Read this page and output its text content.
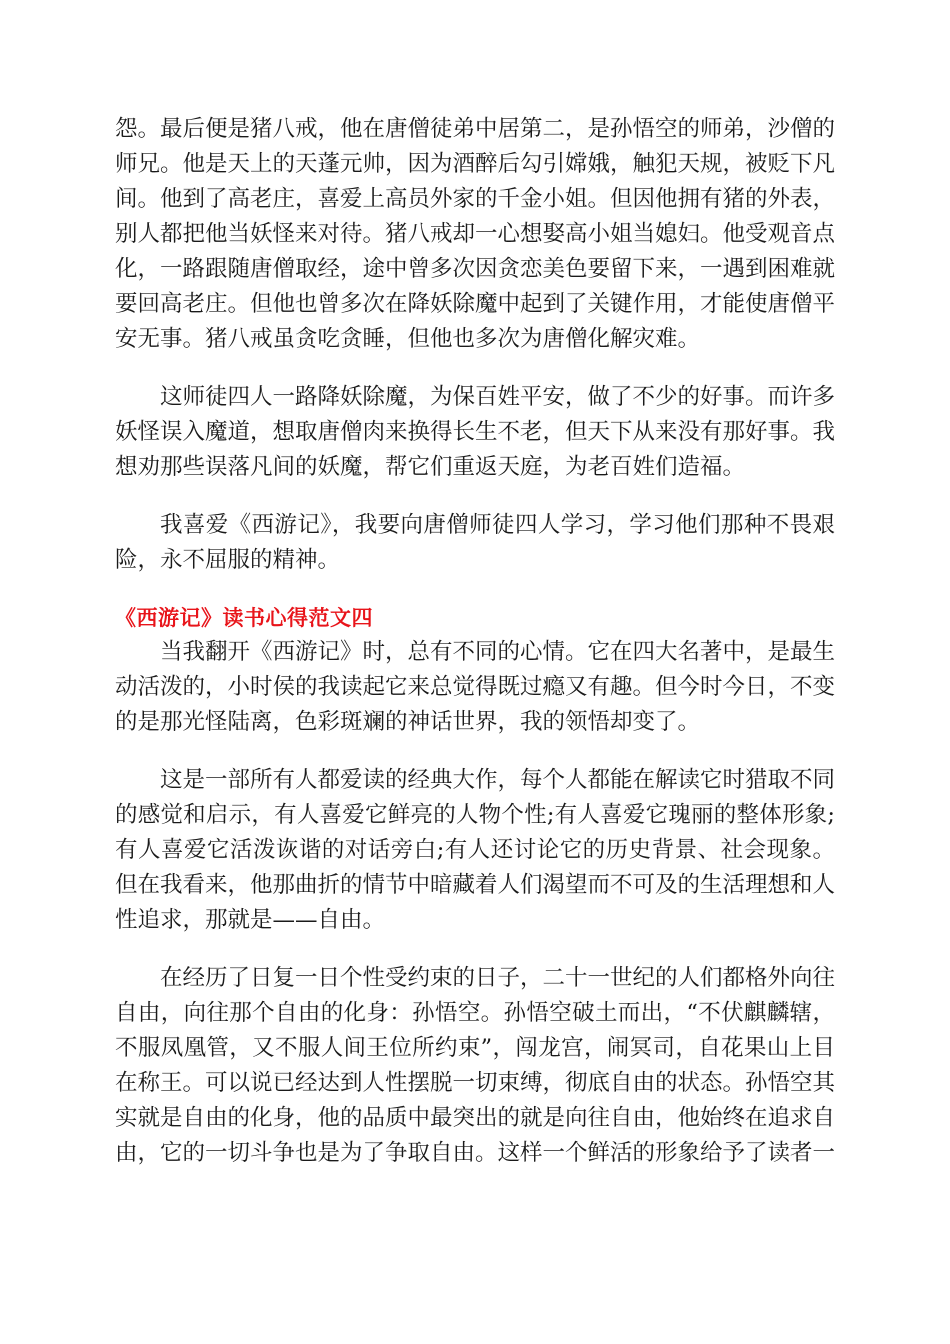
怨。最后便是猪八戒，他在唐僧徒弟中居第二，是孙悟空的师弟，沙僧的师兄。他是天上的天蓬元帅，因为酒醉后勾引嫦娥，触犯天规，被贬下凡间。他到了高老庄，喜爱上高员外家的千金小姐。但因他拥有猪的外表，别人都把他当妖怪来对待。猪八戒却一心想娶高小姐当媳妇。他受观音点化，一路跟随唐僧取经，途中曾多次因贪恋美色要留下来，一遇到困难就要回高老庄。但他也曾多次在降妖除魔中起到了关键作用，才能使唐僧平安无事。猪八戒虽贪吃贪睡，但他也多次为唐僧化解灾难。

这师徒四人一路降妖除魔，为保百姓平安，做了不少的好事。而许多妖怪误入魔道，想取唐僧肉来换得长生不老，但天下从来没有那好事。我想劝那些误落凡间的妖魔，帮它们重返天庭，为老百姓们造福。

我喜爱《西游记》，我要向唐僧师徒四人学习，学习他们那种不畏艰险，永不屈服的精神。

《西游记》读书心得范文四

当我翻开《西游记》时，总有不同的心情。它在四大名著中，是最生动活泼的，小时侯的我读起它来总觉得既过瘾又有趣。但今时今日，不变的是那光怪陆离，色彩斑斓的神话世界，我的领悟却变了。

这是一部所有人都爱读的经典大作，每个人都能在解读它时猎取不同的感觉和启示，有人喜爱它鲜亮的人物个性;有人喜爱它瑰丽的整体形象;有人喜爱它活泼诙谐的对话旁白;有人还讨论它的历史背景、社会现象。但在我看来，他那曲折的情节中暗藏着人们渴望而不可及的生活理想和人性追求，那就是——自由。

在经历了日复一日个性受约束的日子，二十一世纪的人们都格外向往自由，向往那个自由的化身：孙悟空。孙悟空破土而出，“不伏麒麟辖，不服凤凰管，又不服人间王位所约束”，闯龙宫，闹冥司，自花果山上目在称王。可以说已经达到人性摆脱一切束缚，彻底自由的状态。孙悟空其实就是自由的化身，他的品质中最突出的就是向往自由，他始终在追求自由，它的一切斗争也是为了争取自由。这样一个鲜活的形象给予了读者一
